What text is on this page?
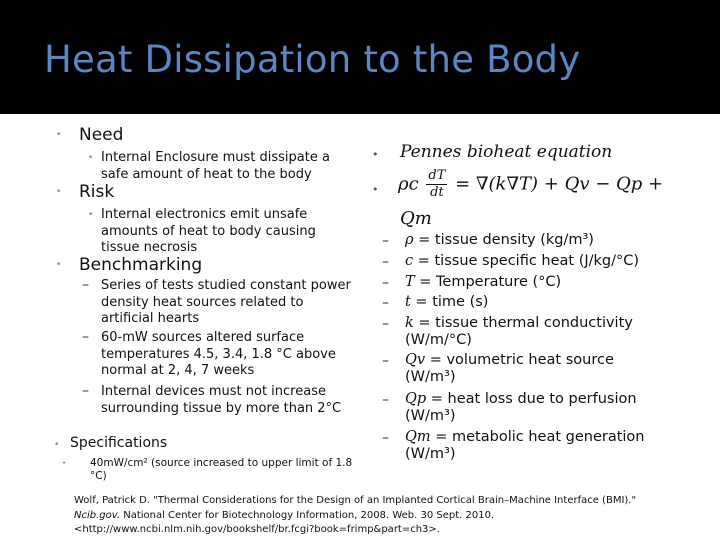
Heat Dissipation to the Body
• Need
• Internal Enclosure must dissipate a safe amount of heat to the body
• Risk
• Internal electronics emit unsafe amounts of heat to body causing tissue necrosis
• Benchmarking
– Series of tests studied constant power density heat sources related to artificial hearts
– 60-mW sources altered surface temperatures 4.5, 3.4, 1.8 °C above normal at 2, 4, 7 weeks
– Internal devices must not increase surrounding tissue by more than 2°C
• Specifications
• 40mW/cm² (source increased to upper limit of 1.8 °C)
• Pennes bioheat equation
• ρc $\frac{dT}{dt} = \nabla(k\nabla T) + Qv - Qp$ +
Qm
– ρ = tissue density (kg/m³)
– c = tissue specific heat (J/kg/°C)
– T = Temperature (°C)
– t = time (s)
– k = tissue thermal conductivity (W/m/°C)
– Qv = volumetric heat source (W/m³)
– Qp = heat loss due to perfusion (W/m³)
– Qm = metabolic heat generation (W/m³)
Wolf, Patrick D. "Thermal Considerations for the Design of an Implanted Cortical Brain–Machine Interface (BMI)."
Ncib.gov. National Center for Biotechnology Information, 2008. Web. 30 Sept. 2010.
<http://www.ncbi.nlm.nih.gov/bookshelf/br.fcgi?book=frimp&part=ch3>.
